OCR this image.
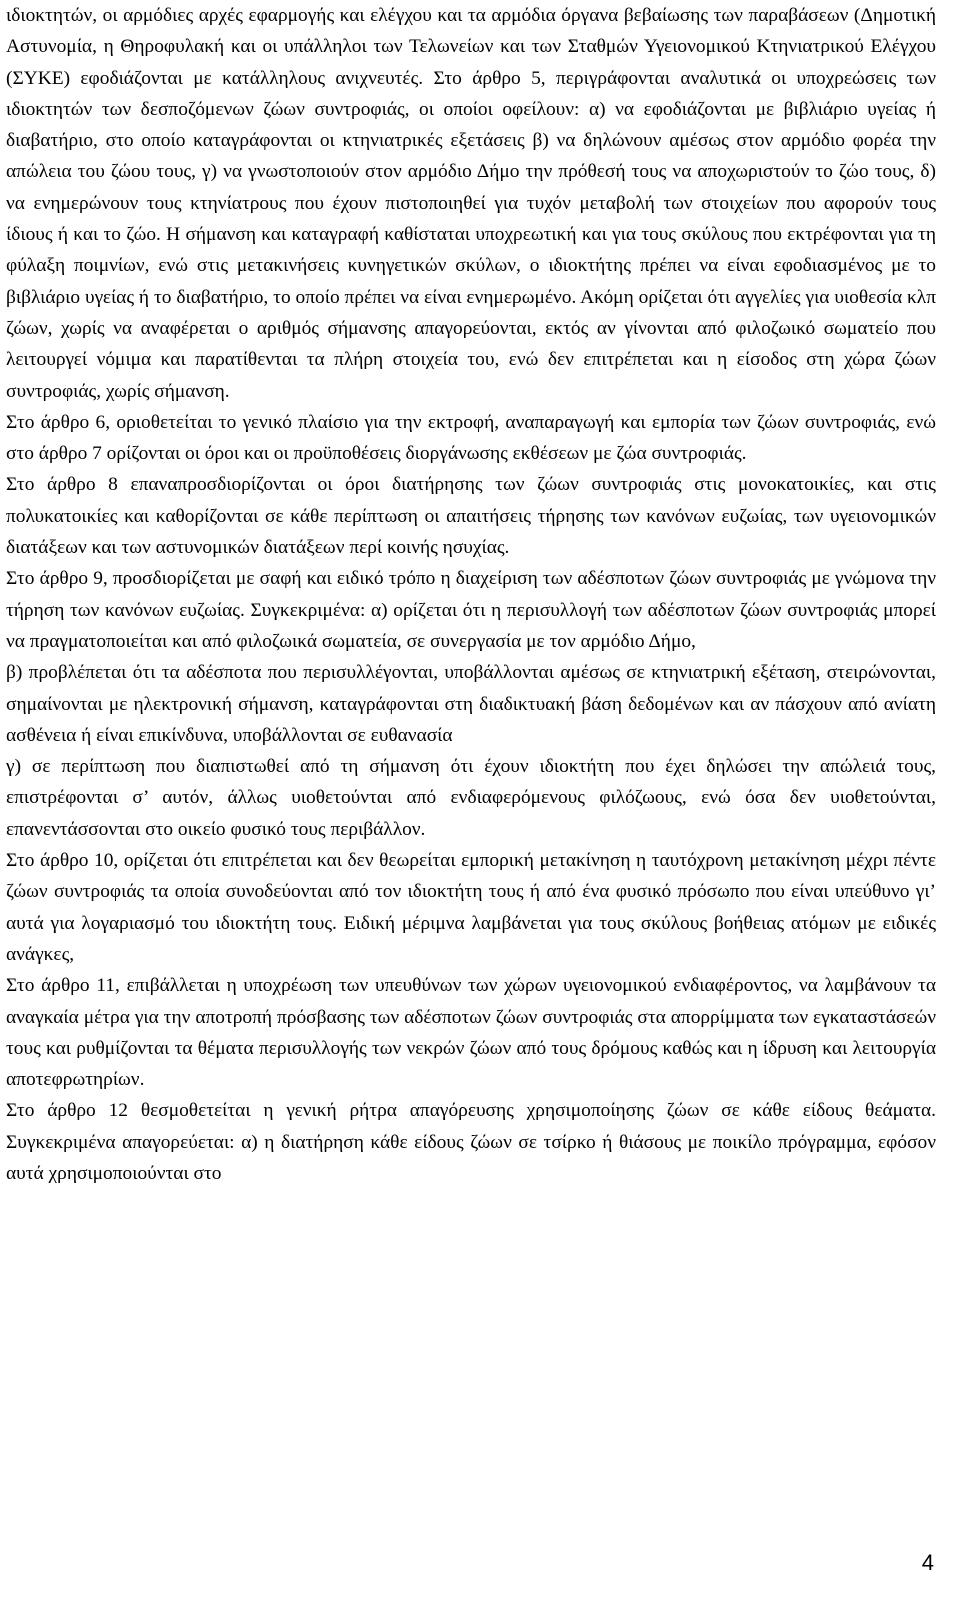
ιδιοκτητών, οι αρμόδιες αρχές εφαρμογής και ελέγχου και τα αρμόδια όργανα βεβαίωσης των παραβάσεων (Δημοτική Αστυνομία, η Θηροφυλακή και οι υπάλληλοι των Τελωνείων και των Σταθμών Υγειονομικού Κτηνιατρικού Ελέγχου (ΣΥΚΕ) εφοδιάζονται με κατάλληλους ανιχνευτές. Στο άρθρο 5, περιγράφονται αναλυτικά οι υποχρεώσεις των ιδιοκτητών των δεσποζόμενων ζώων συντροφιάς, οι οποίοι οφείλουν: α) να εφοδιάζονται με βιβλιάριο υγείας ή διαβατήριο, στο οποίο καταγράφονται οι κτηνιατρικές εξετάσεις β) να δηλώνουν αμέσως στον αρμόδιο φορέα την απώλεια του ζώου τους, γ) να γνωστοποιούν στον αρμόδιο Δήμο την πρόθεσή τους να αποχωριστούν το ζώο τους, δ) να ενημερώνουν τους κτηνίατρους που έχουν πιστοποιηθεί για τυχόν μεταβολή των στοιχείων που αφορούν τους ίδιους ή και το ζώο. Η σήμανση και καταγραφή καθίσταται υποχρεωτική και για τους σκύλους που εκτρέφονται για τη φύλαξη ποιμνίων, ενώ στις μετακινήσεις κυνηγετικών σκύλων, ο ιδιοκτήτης πρέπει να είναι εφοδιασμένος με το βιβλιάριο υγείας ή το διαβατήριο, το οποίο πρέπει να είναι ενημερωμένο. Ακόμη ορίζεται ότι αγγελίες για υιοθεσία κλπ ζώων, χωρίς να αναφέρεται ο αριθμός σήμανσης απαγορεύονται, εκτός αν γίνονται από φιλοζωικό σωματείο που λειτουργεί νόμιμα και παρατίθενται τα πλήρη στοιχεία του, ενώ δεν επιτρέπεται και η είσοδος στη χώρα ζώων συντροφιάς, χωρίς σήμανση.

Στο άρθρο 6, οριοθετείται το γενικό πλαίσιο για την εκτροφή, αναπαραγωγή και εμπορία των ζώων συντροφιάς, ενώ στο άρθρο 7 ορίζονται οι όροι και οι προϋποθέσεις διοργάνωσης εκθέσεων με ζώα συντροφιάς.

Στο άρθρο 8 επαναπροσδιορίζονται οι όροι διατήρησης των ζώων συντροφιάς στις μονοκατοικίες, και στις πολυκατοικίες και καθορίζονται σε κάθε περίπτωση οι απαιτήσεις τήρησης των κανόνων ευζωίας, των υγειονομικών διατάξεων και των αστυνομικών διατάξεων περί κοινής ησυχίας.

Στο άρθρο 9, προσδιορίζεται με σαφή και ειδικό τρόπο η διαχείριση των αδέσποτων ζώων συντροφιάς με γνώμονα την τήρηση των κανόνων ευζωίας. Συγκεκριμένα: α) ορίζεται ότι η περισυλλογή των αδέσποτων ζώων συντροφιάς μπορεί να πραγματοποιείται και από φιλοζωικά σωματεία, σε συνεργασία με τον αρμόδιο Δήμο,

β) προβλέπεται ότι τα αδέσποτα που περισυλλέγονται, υποβάλλονται αμέσως σε κτηνιατρική εξέταση, στειρώνονται, σημαίνονται με ηλεκτρονική σήμανση, καταγράφονται στη διαδικτυακή βάση δεδομένων και αν πάσχουν από ανίατη ασθένεια ή είναι επικίνδυνα, υποβάλλονται σε ευθανασία

γ) σε περίπτωση που διαπιστωθεί από τη σήμανση ότι έχουν ιδιοκτήτη που έχει δηλώσει την απώλειά τους, επιστρέφονται σ’ αυτόν, άλλως υιοθετούνται από ενδιαφερόμενους φιλόζωους, ενώ όσα δεν υιοθετούνται, επανεντάσσονται στο οικείο φυσικό τους περιβάλλον.

Στο άρθρο 10, ορίζεται ότι επιτρέπεται και δεν θεωρείται εμπορική μετακίνηση η ταυτόχρονη μετακίνηση μέχρι πέντε ζώων συντροφιάς τα οποία συνοδεύονται από τον ιδιοκτήτη τους ή από ένα φυσικό πρόσωπο που είναι υπεύθυνο γι’ αυτά για λογαριασμό του ιδιοκτήτη τους. Ειδική μέριμνα λαμβάνεται για τους σκύλους βοήθειας ατόμων με ειδικές ανάγκες,

Στο άρθρο 11, επιβάλλεται η υποχρέωση των υπευθύνων των χώρων υγειονομικού ενδιαφέροντος, να λαμβάνουν τα αναγκαία μέτρα για την αποτροπή πρόσβασης των αδέσποτων ζώων συντροφιάς στα απορρίμματα των εγκαταστάσεών τους και ρυθμίζονται τα θέματα περισυλλογής των νεκρών ζώων από τους δρόμους καθώς και η ίδρυση και λειτουργία αποτεφρωτηρίων.

Στο άρθρο 12 θεσμοθετείται η γενική ρήτρα απαγόρευσης χρησιμοποίησης ζώων σε κάθε είδους θεάματα. Συγκεκριμένα απαγορεύεται: α) η διατήρηση κάθε είδους ζώων σε τσίρκο ή θιάσους με ποικίλο πρόγραμμα, εφόσον αυτά χρησιμοποιούνται στο

4
